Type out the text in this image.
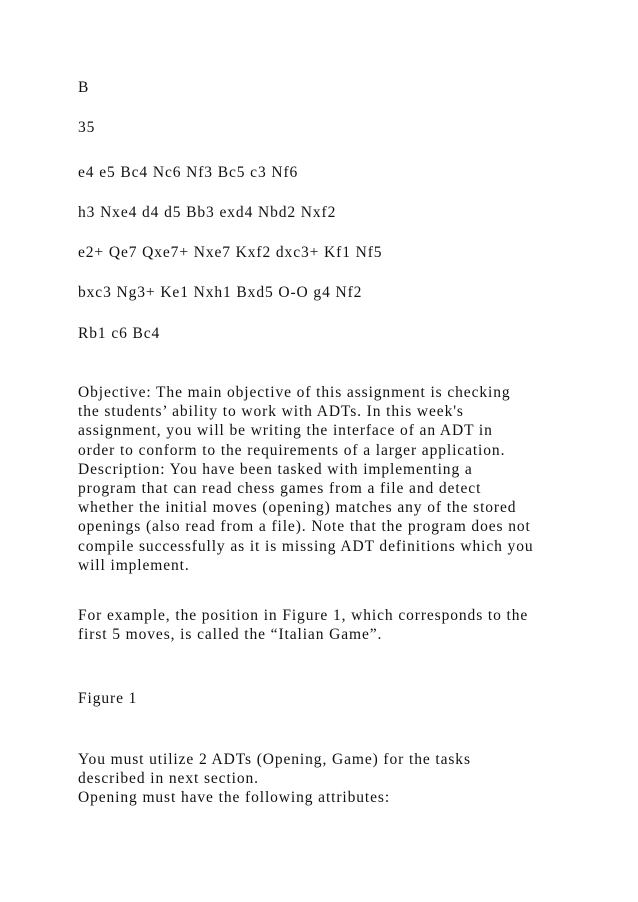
B
35
e4 e5 Bc4 Nc6 Nf3 Bc5 c3 Nf6
h3 Nxe4 d4 d5 Bb3 exd4 Nbd2 Nxf2
e2+ Qe7 Qxe7+ Nxe7 Kxf2 dxc3+ Kf1 Nf5
bxc3 Ng3+ Ke1 Nxh1 Bxd5 O-O g4 Nf2
Rb1 c6 Bc4
Objective: The main objective of this assignment is checking
the students’ ability to work with ADTs. In this week's
assignment, you will be writing the interface of an ADT in
order to conform to the requirements of a larger application.
Description: You have been tasked with implementing a
program that can read chess games from a file and detect
whether the initial moves (opening) matches any of the stored
openings (also read from a file). Note that the program does not
compile successfully as it is missing ADT definitions which you
will implement.
For example, the position in Figure 1, which corresponds to the
first 5 moves, is called the “Italian Game”.
Figure 1
You must utilize 2 ADTs (Opening, Game) for the tasks
described in next section.
Opening must have the following attributes:
